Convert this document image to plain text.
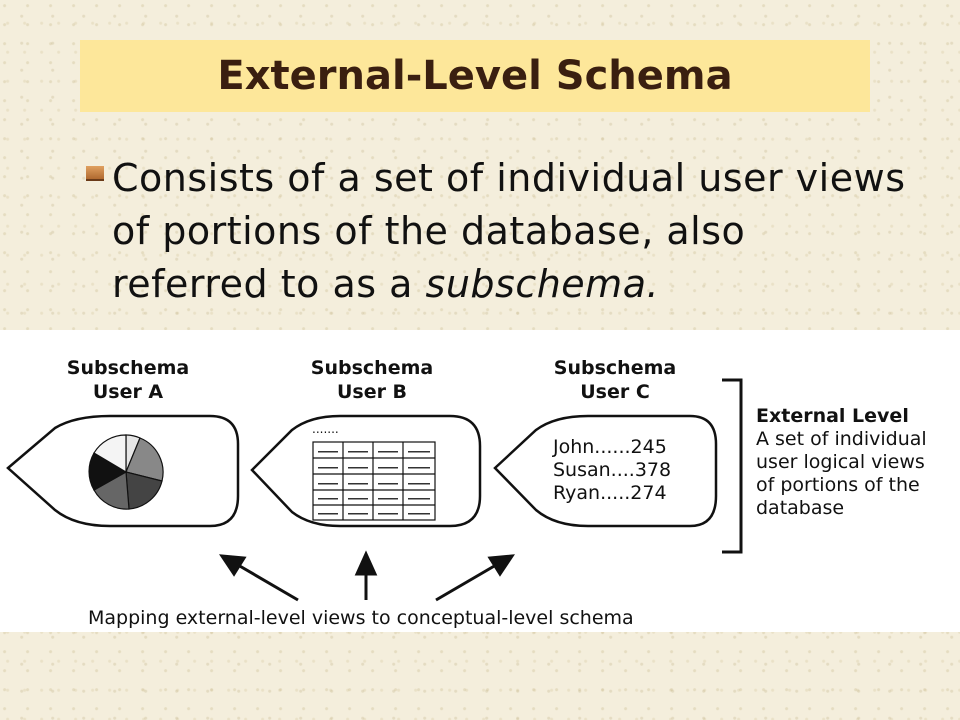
External-Level Schema

Consists of a set of individual user views of portions of the database, also referred to as a subschema.

Subschema
User A
Subschema
User B
Subschema
User C
.......
John......245
Susan....378
Ryan.....274
External Level
A set of individual
user logical views
of portions of the
database
Mapping external-level views to conceptual-level schema
